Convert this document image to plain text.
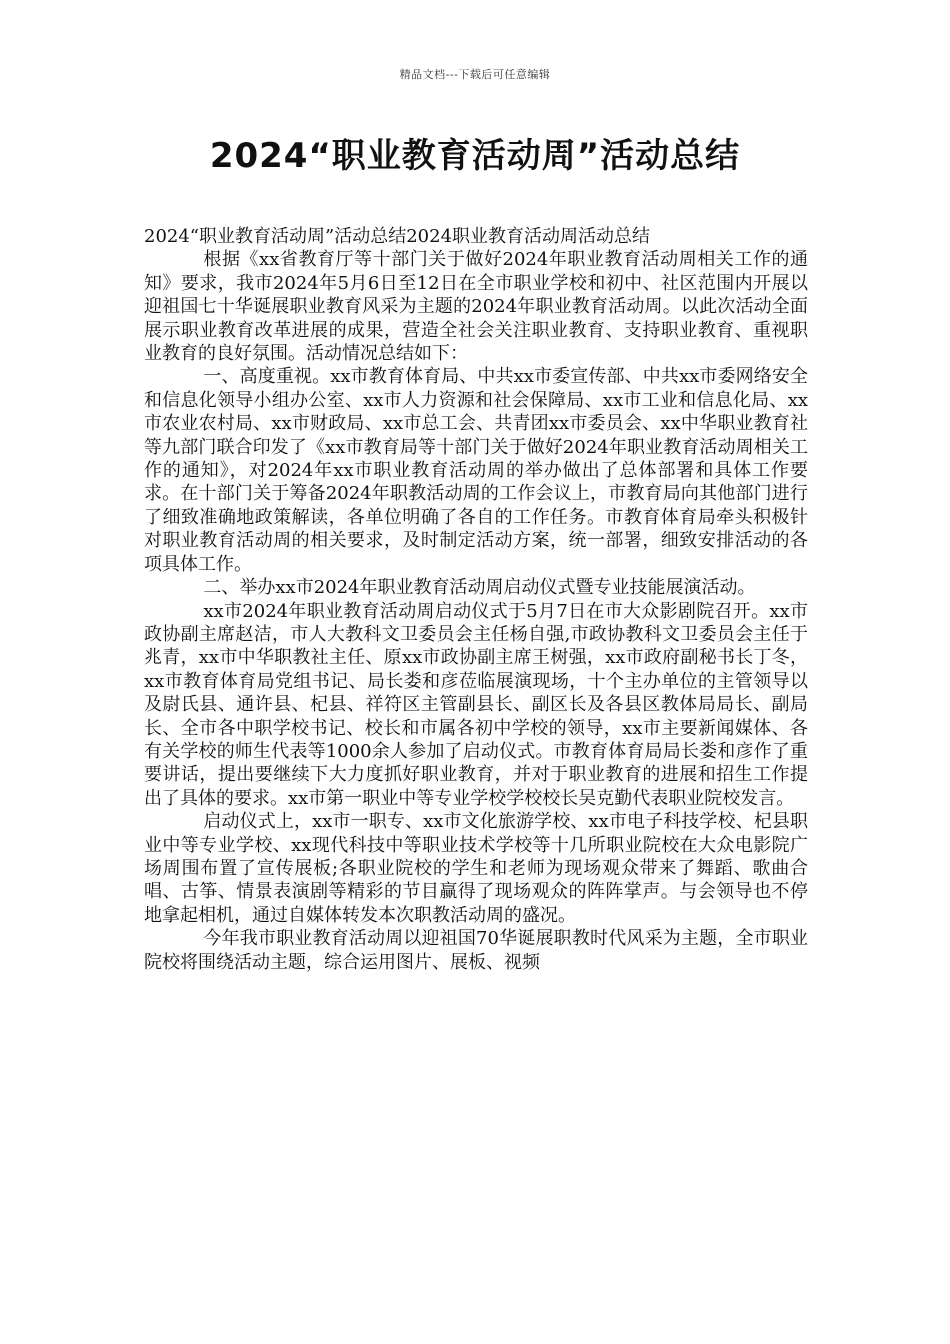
精品文档---下载后可任意编辑
2024“职业教育活动周”活动总结

2024“职业教育活动周”活动总结2024职业教育活动周活动总结

根据《xx省教育厅等十部门关于做好2024年职业教育活动周相关工作的通知》要求，我市2024年5月6日至12日在全市职业学校和初中、社区范围内开展以迎祖国七十华诞展职业教育风采为主题的2024年职业教育活动周。以此次活动全面展示职业教育改革进展的成果，营造全社会关注职业教育、支持职业教育、重视职业教育的良好氛围。活动情况总结如下：

一、高度重视。xx市教育体育局、中共xx市委宣传部、中共xx市委网络安全和信息化领导小组办公室、xx市人力资源和社会保障局、xx市工业和信息化局、xx市农业农村局、xx市财政局、xx市总工会、共青团xx市委员会、xx中华职业教育社等九部门联合印发了《xx市教育局等十部门关于做好2024年职业教育活动周相关工作的通知》，对2024年xx市职业教育活动周的举办做出了总体部署和具体工作要求。在十部门关于筹备2024年职教活动周的工作会议上，市教育局向其他部门进行了细致准确地政策解读，各单位明确了各自的工作任务。市教育体育局牵头积极针对职业教育活动周的相关要求，及时制定活动方案，统一部署，细致安排活动的各项具体工作。

二、举办xx市2024年职业教育活动周启动仪式暨专业技能展演活动。

xx市2024年职业教育活动周启动仪式于5月7日在市大众影剧院召开。xx市政协副主席赵洁，市人大教科文卫委员会主任杨自强,市政协教科文卫委员会主任于兆青，xx市中华职教社主任、原xx市政协副主席王树强，xx市政府副秘书长丁冬，xx市教育体育局党组书记、局长娄和彦莅临展演现场，十个主办单位的主管领导以及尉氏县、通许县、杞县、祥符区主管副县长、副区长及各县区教体局局长、副局长、全市各中职学校书记、校长和市属各初中学校的领导，xx市主要新闻媒体、各有关学校的师生代表等1000余人参加了启动仪式。市教育体育局局长娄和彦作了重要讲话，提出要继续下大力度抓好职业教育，并对于职业教育的进展和招生工作提出了具体的要求。xx市第一职业中等专业学校学校校长吴克勤代表职业院校发言。

启动仪式上，xx市一职专、xx市文化旅游学校、xx市电子科技学校、杞县职业中等专业学校、xx现代科技中等职业技术学校等十几所职业院校在大众电影院广场周围布置了宣传展板;各职业院校的学生和老师为现场观众带来了舞蹈、歌曲合唱、古筝、情景表演剧等精彩的节目赢得了现场观众的阵阵掌声。与会领导也不停地拿起相机，通过自媒体转发本次职教活动周的盛况。

今年我市职业教育活动周以迎祖国70华诞展职教时代风采为主题，全市职业院校将围绕活动主题，综合运用图片、展板、视频
